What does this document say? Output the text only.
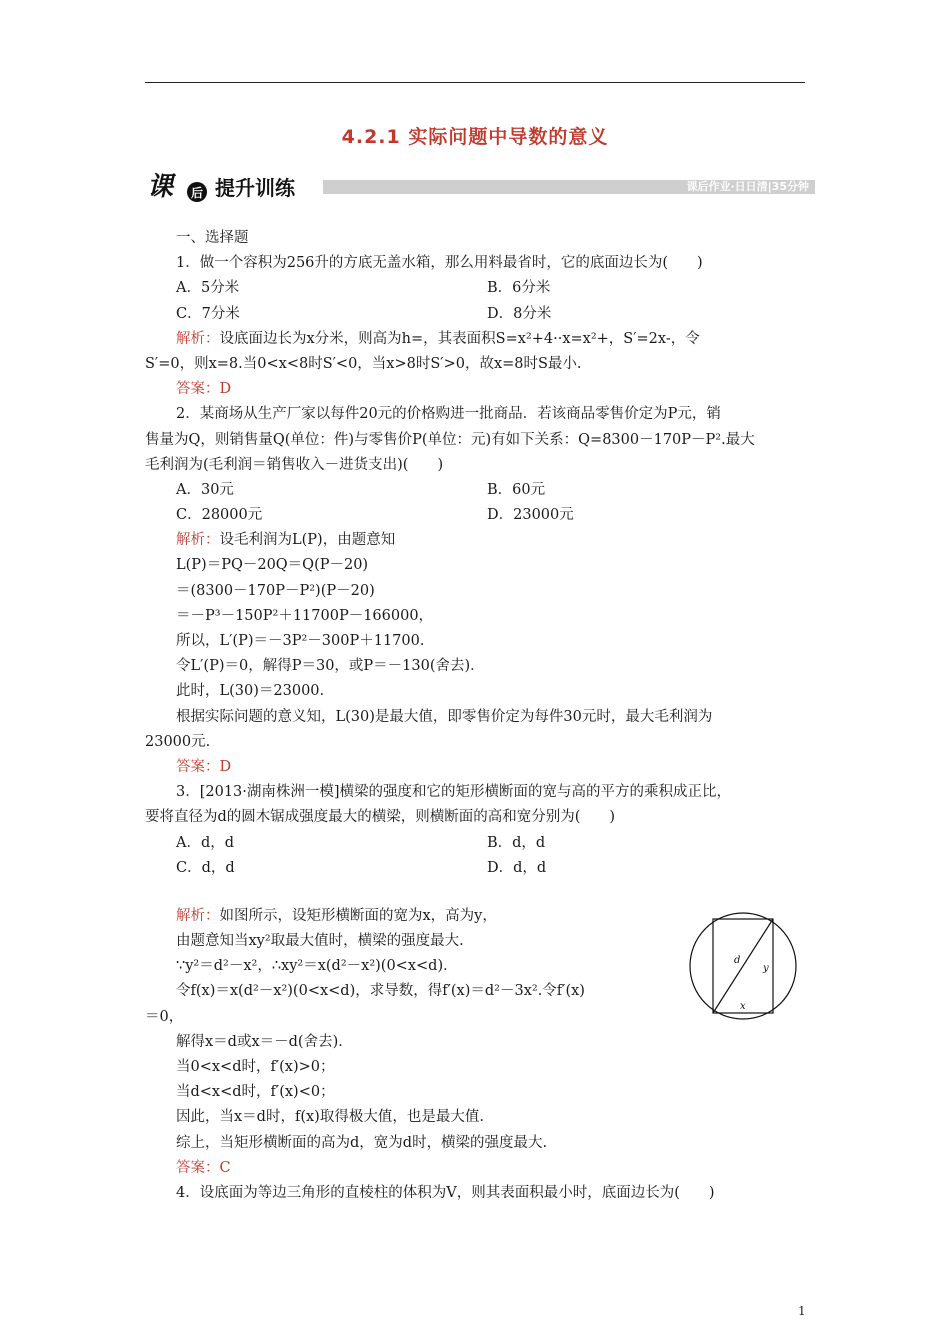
4.2.1 实际问题中导数的意义
课	后 提升训练	课后作业·日日清|35分钟
一、选择题
1．做一个容积为256升的方底无盖水箱，那么用料最省时，它的底面边长为(　　)
A．5分米	B．6分米
C．7分米	D．8分米
解析：设底面边长为x分米，则高为h=，其表面积S=x²+4··x=x²+，S′=2x-，令
S′=0，则x=8.当0<x<8时S′<0，当x>8时S′>0，故x=8时S最小.
答案：D
2．某商场从生产厂家以每件20元的价格购进一批商品．若该商品零售价定为P元，销
售量为Q，则销售量Q(单位：件)与零售价P(单位：元)有如下关系：Q=8300－170P－P².最大
毛利润为(毛利润＝销售收入－进货支出)(　　)
A．30元	B．60元
C．28000元	D．23000元
解析：设毛利润为L(P)，由题意知
L(P)＝PQ－20Q＝Q(P－20)
＝(8300－170P－P²)(P－20)
＝－P³－150P²＋11700P－166000，
所以，L′(P)＝－3P²－300P＋11700.
令L′(P)＝0，解得P＝30，或P＝－130(舍去)．
此时，L(30)＝23000.
根据实际问题的意义知，L(30)是最大值，即零售价定为每件30元时，最大毛利润为
23000元.
答案：D
3．[2013·湖南株洲一模]横梁的强度和它的矩形横断面的宽与高的平方的乘积成正比，
要将直径为d的圆木锯成强度最大的横梁，则横断面的高和宽分别为(　　)
A．d，d	B．d，d
C．d，d	D．d，d
解析：如图所示，设矩形横断面的宽为x，高为y，
由题意知当xy²取最大值时，横梁的强度最大.
∵y²＝d²－x²，∴xy²＝x(d²－x²)(0<x<d)．
令f(x)＝x(d²－x²)(0<x<d)，求导数，得f′(x)＝d²－3x².令f′(x)
＝0，
解得x＝d或x＝－d(舍去)．
当0<x<d时，f′(x)>0；
当d<x<d时，f′(x)<0；
因此，当x＝d时，f(x)取得极大值，也是最大值.
综上，当矩形横断面的高为d，宽为d时，横梁的强度最大.
答案：C
4．设底面为等边三角形的直棱柱的体积为V，则其表面积最小时，底面边长为(　　)
d
y
x
1
